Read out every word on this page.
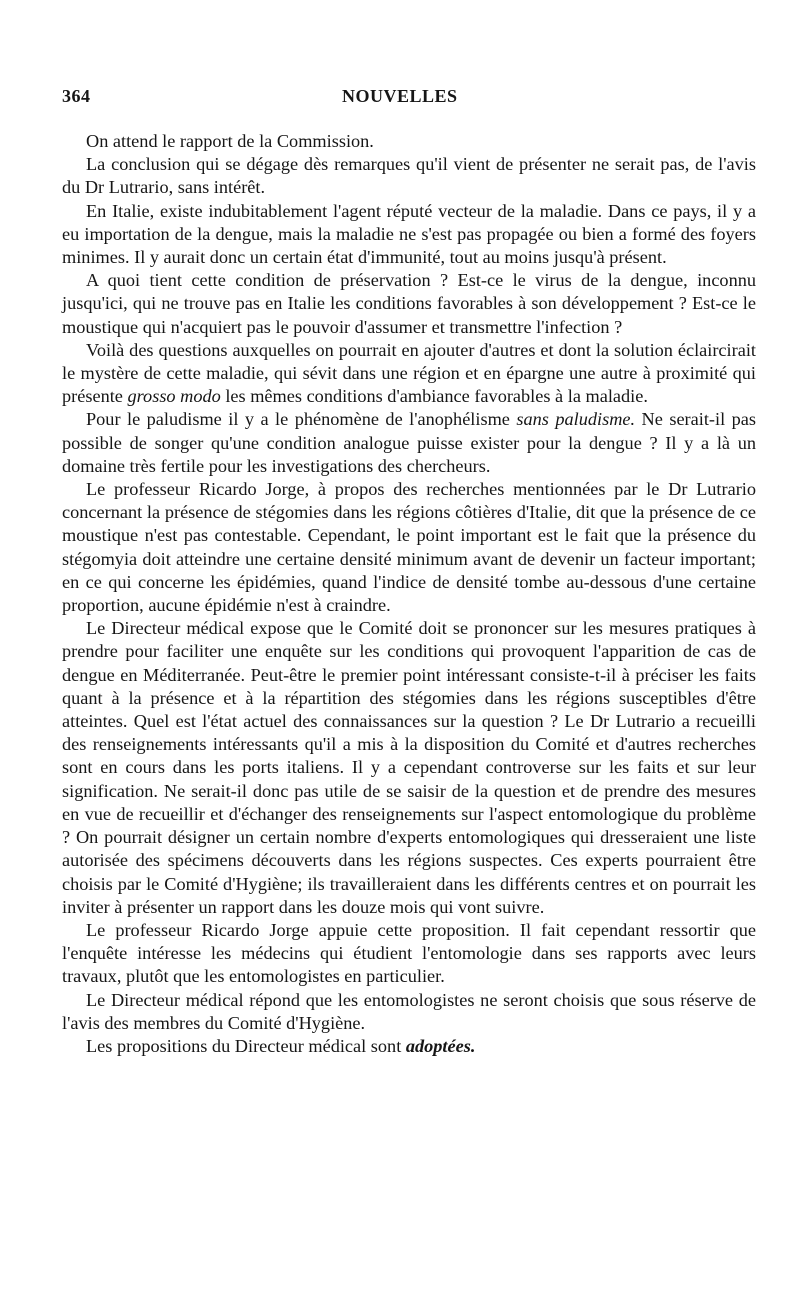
364	NOUVELLES

On attend le rapport de la Commission.

La conclusion qui se dégage dès remarques qu'il vient de présenter ne serait pas, de l'avis du Dr Lutrario, sans intérêt.

En Italie, existe indubitablement l'agent réputé vecteur de la maladie. Dans ce pays, il y a eu importation de la dengue, mais la maladie ne s'est pas propagée ou bien a formé des foyers minimes. Il y aurait donc un certain état d'immunité, tout au moins jusqu'à présent.

A quoi tient cette condition de préservation ? Est-ce le virus de la dengue, inconnu jusqu'ici, qui ne trouve pas en Italie les conditions favorables à son développement ? Est-ce le moustique qui n'acquiert pas le pouvoir d'assumer et transmettre l'infection ?

Voilà des questions auxquelles on pourrait en ajouter d'autres et dont la solution éclaircirait le mystère de cette maladie, qui sévit dans une région et en épargne une autre à proximité qui présente grosso modo les mêmes conditions d'ambiance favorables à la maladie.

Pour le paludisme il y a le phénomène de l'anophélisme sans paludisme. Ne serait-il pas possible de songer qu'une condition analogue puisse exister pour la dengue ? Il y a là un domaine très fertile pour les investigations des chercheurs.

Le professeur Ricardo Jorge, à propos des recherches mentionnées par le Dr Lutrario concernant la présence de stégomies dans les régions côtières d'Italie, dit que la présence de ce moustique n'est pas contestable. Cependant, le point important est le fait que la présence du stégomyia doit atteindre une certaine densité minimum avant de devenir un facteur important; en ce qui concerne les épidémies, quand l'indice de densité tombe au-dessous d'une certaine proportion, aucune épidémie n'est à craindre.

Le Directeur médical expose que le Comité doit se prononcer sur les mesures pratiques à prendre pour faciliter une enquête sur les conditions qui provoquent l'apparition de cas de dengue en Méditerranée. Peut-être le premier point intéressant consiste-t-il à préciser les faits quant à la présence et à la répartition des stégomies dans les régions susceptibles d'être atteintes. Quel est l'état actuel des connaissances sur la question ? Le Dr Lutrario a recueilli des renseignements intéressants qu'il a mis à la disposition du Comité et d'autres recherches sont en cours dans les ports italiens. Il y a cependant controverse sur les faits et sur leur signification. Ne serait-il donc pas utile de se saisir de la question et de prendre des mesures en vue de recueillir et d'échanger des renseignements sur l'aspect entomologique du problème ? On pourrait désigner un certain nombre d'experts entomologiques qui dresseraient une liste autorisée des spécimens découverts dans les régions suspectes. Ces experts pourraient être choisis par le Comité d'Hygiène; ils travailleraient dans les différents centres et on pourrait les inviter à présenter un rapport dans les douze mois qui vont suivre.

Le professeur Ricardo Jorge appuie cette proposition. Il fait cependant ressortir que l'enquête intéresse les médecins qui étudient l'entomologie dans ses rapports avec leurs travaux, plutôt que les entomologistes en particulier.

Le Directeur médical répond que les entomologistes ne seront choisis que sous réserve de l'avis des membres du Comité d'Hygiène.

Les propositions du Directeur médical sont adoptées.
